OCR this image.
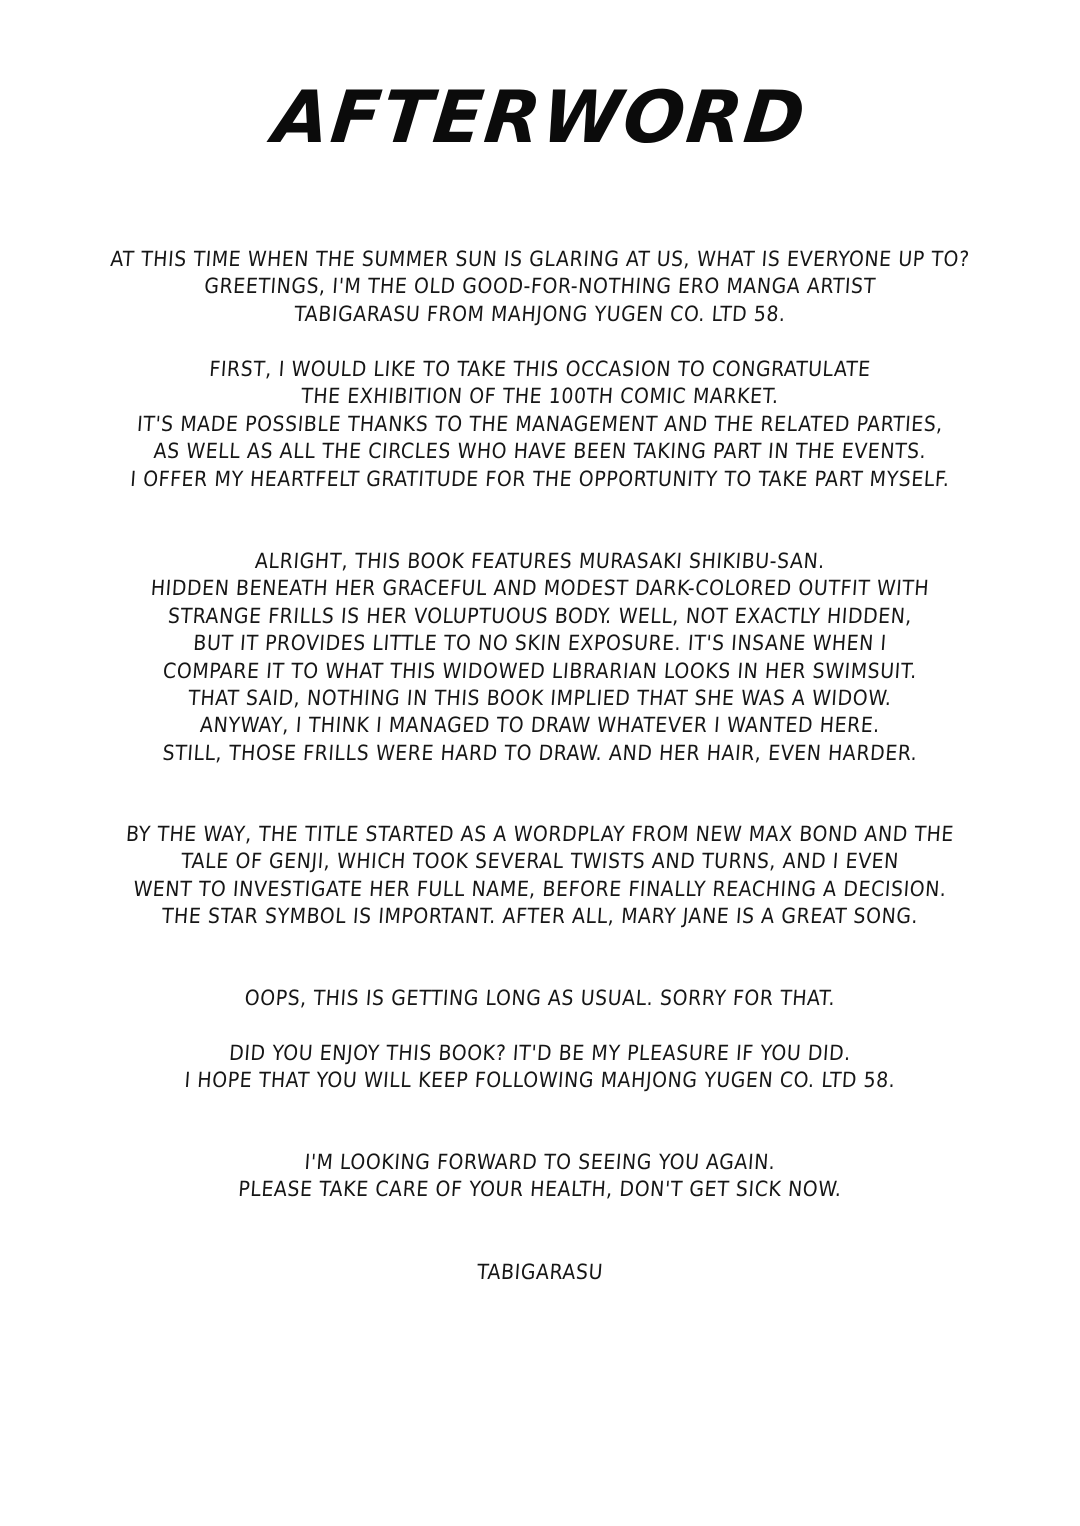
AFTERWORD
AT THIS TIME WHEN THE SUMMER SUN IS GLARING AT US, WHAT IS EVERYONE UP TO?
GREETINGS, I'M THE OLD GOOD-FOR-NOTHING ERO MANGA ARTIST
TABIGARASU FROM MAHJONG YUGEN CO. LTD 58.
FIRST, I WOULD LIKE TO TAKE THIS OCCASION TO CONGRATULATE
THE EXHIBITION OF THE 100TH COMIC MARKET.
IT'S MADE POSSIBLE THANKS TO THE MANAGEMENT AND THE RELATED PARTIES,
AS WELL AS ALL THE CIRCLES WHO HAVE BEEN TAKING PART IN THE EVENTS.
I OFFER MY HEARTFELT GRATITUDE FOR THE OPPORTUNITY TO TAKE PART MYSELF.
ALRIGHT, THIS BOOK FEATURES MURASAKI SHIKIBU-SAN.
HIDDEN BENEATH HER GRACEFUL AND MODEST DARK-COLORED OUTFIT WITH
STRANGE FRILLS IS HER VOLUPTUOUS BODY. WELL, NOT EXACTLY HIDDEN,
BUT IT PROVIDES LITTLE TO NO SKIN EXPOSURE. IT'S INSANE WHEN I
COMPARE IT TO WHAT THIS WIDOWED LIBRARIAN LOOKS IN HER SWIMSUIT.
THAT SAID, NOTHING IN THIS BOOK IMPLIED THAT SHE WAS A WIDOW.
ANYWAY, I THINK I MANAGED TO DRAW WHATEVER I WANTED HERE.
STILL, THOSE FRILLS WERE HARD TO DRAW. AND HER HAIR, EVEN HARDER.
BY THE WAY, THE TITLE STARTED AS A WORDPLAY FROM NEW MAX BOND AND THE
TALE OF GENJI, WHICH TOOK SEVERAL TWISTS AND TURNS, AND I EVEN
WENT TO INVESTIGATE HER FULL NAME, BEFORE FINALLY REACHING A DECISION.
THE STAR SYMBOL IS IMPORTANT. AFTER ALL, MARY JANE IS A GREAT SONG.
OOPS, THIS IS GETTING LONG AS USUAL. SORRY FOR THAT.
DID YOU ENJOY THIS BOOK? IT'D BE MY PLEASURE IF YOU DID.
I HOPE THAT YOU WILL KEEP FOLLOWING MAHJONG YUGEN CO. LTD 58.
I'M LOOKING FORWARD TO SEEING YOU AGAIN.
PLEASE TAKE CARE OF YOUR HEALTH, DON'T GET SICK NOW.
TABIGARASU
